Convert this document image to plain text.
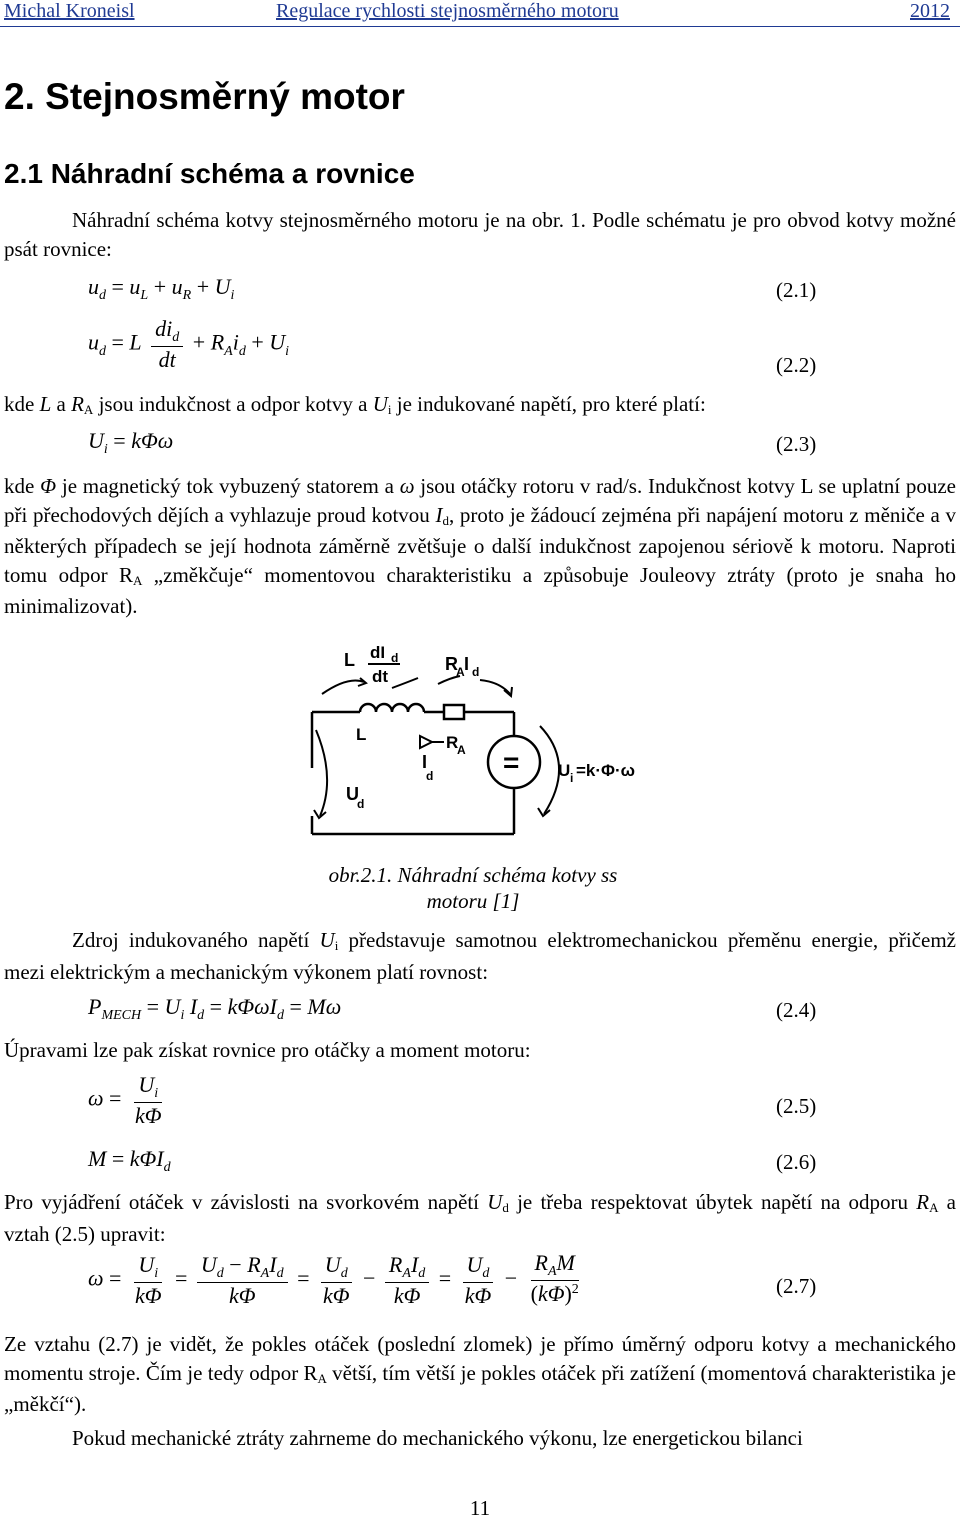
Michal Kroneisl	Regulace rychlosti stejnosměrného motoru	2012
2. Stejnosměrný motor
2.1 Náhradní schéma a rovnice
Náhradní schéma kotvy stejnosměrného motoru je na obr. 1. Podle schématu je pro obvod kotvy možné psát rovnice:
$u_d = u_L + u_R + U_i$	(2.1)
$u_d = L \frac{di_d}{dt} + R_Ai_d + U_i$
(2.2)
kde L a RA jsou indukčnost a odpor kotvy a Ui je indukované napětí, pro které platí:
$U_i = k\Phi\omega$	(2.3)
kde Φ je magnetický tok vybuzený statorem a ω jsou otáčky rotoru v rad/s. Indukčnost kotvy L se uplatní pouze při přechodových dějích a vyhlazuje proud kotvou Id, proto je žádoucí zejména při napájení motoru z měniče a v některých případech se její hodnota záměrně zvětšuje o další indukčnost zapojenou sériově k motoru. Naproti tomu odpor RA „změkčuje“ momentovou charakteristiku a způsobuje Jouleovy ztráty (proto je snaha ho minimalizovat).
L dI d
dt
R
A I d
=
L	R
A
I
d
U
d
U i =k·Φ·ω
obr.2.1. Náhradní schéma kotvy ss
motoru [1]
Zdroj indukovaného napětí Ui představuje samotnou elektromechanickou přeměnu energie, přičemž mezi elektrickým a mechanickým výkonem platí rovnost:
$P_{MECH} = U_i$ $I_d = k\Phi\omega I_d = M\omega$	(2.4)
Úpravami lze pak získat rovnice pro otáčky a moment motoru:
$\omega = \frac{U_i}{k\Phi}$	(2.5)
M = kΦI$_d$	(2.6)
Pro vyjádření otáček v závislosti na svorkovém napětí Ud je třeba respektovat úbytek napětí na odporu RA a vztah (2.5) upravit:
$\omega = \frac{U_i}{k\Phi} = \frac{U_d - R_AI_d}{k\Phi} = \frac{U_d}{k\Phi} - \frac{R_AI_d}{k\Phi} = \frac{U_d}{k\Phi} - \frac{R_AM}{(k\Phi)^2}$	(2.7)
Ze vztahu (2.7) je vidět, že pokles otáček (poslední zlomek) je přímo úměrný odporu kotvy a mechanického momentu stroje. Čím je tedy odpor RA větší, tím větší je pokles otáček při zatížení (momentová charakteristika je „měkčí“).
Pokud mechanické ztráty zahrneme do mechanického výkonu, lze energetickou bilanci
11
